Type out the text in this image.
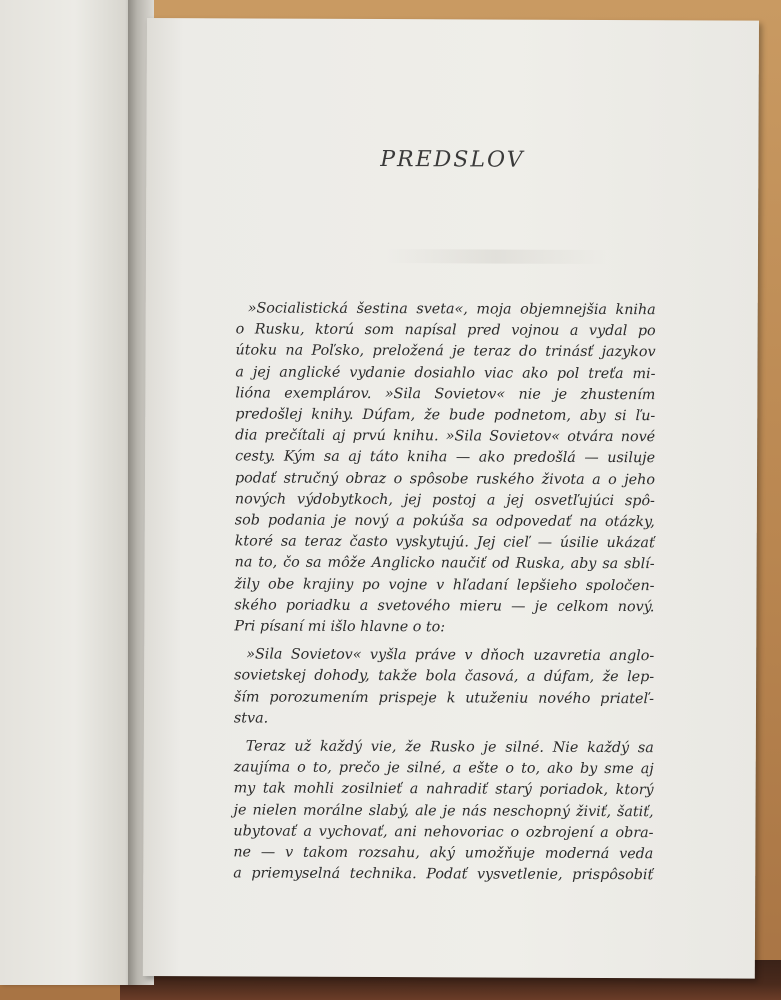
PREDSLOV
»Socialistická šestina sveta«, moja objemnejšia kniha
o Rusku, ktorú som napísal pred vojnou a vydal po
útoku na Poľsko, preložená je teraz do trinásť jazykov
a jej anglické vydanie dosiahlo viac ako pol treťa mi-
lióna exemplárov. »Sila Sovietov« nie je zhustením
predošlej knihy. Dúfam, že bude podnetom, aby si ľu-
dia prečítali aj prvú knihu. »Sila Sovietov« otvára nové
cesty. Kým sa aj táto kniha — ako predošlá — usiluje
podať stručný obraz o spôsobe ruského života a o jeho
nových výdobytkoch, jej postoj a jej osvetľujúci spô-
sob podania je nový a pokúša sa odpovedať na otázky,
ktoré sa teraz často vyskytujú. Jej cieľ — úsilie ukázať
na to, čo sa môže Anglicko naučiť od Ruska, aby sa sblí-
žily obe krajiny po vojne v hľadaní lepšieho spoločen-
ského poriadku a svetového mieru — je celkom nový.
Pri písaní mi išlo hlavne o to:
»Sila Sovietov« vyšla práve v dňoch uzavretia anglo-
sovietskej dohody, takže bola časová, a dúfam, že lep-
ším porozumením prispeje k utuženiu nového priateľ-
stva.
Teraz už každý vie, že Rusko je silné. Nie každý sa
zaujíma o to, prečo je silné, a ešte o to, ako by sme aj
my tak mohli zosilnieť a nahradiť starý poriadok, ktorý
je nielen morálne slabý, ale je nás neschopný živiť, šatiť,
ubytovať a vychovať, ani nehovoriac o ozbrojení a obra-
ne — v takom rozsahu, aký umožňuje moderná veda
a priemyselná technika. Podať vysvetlenie, prispôsobiť
